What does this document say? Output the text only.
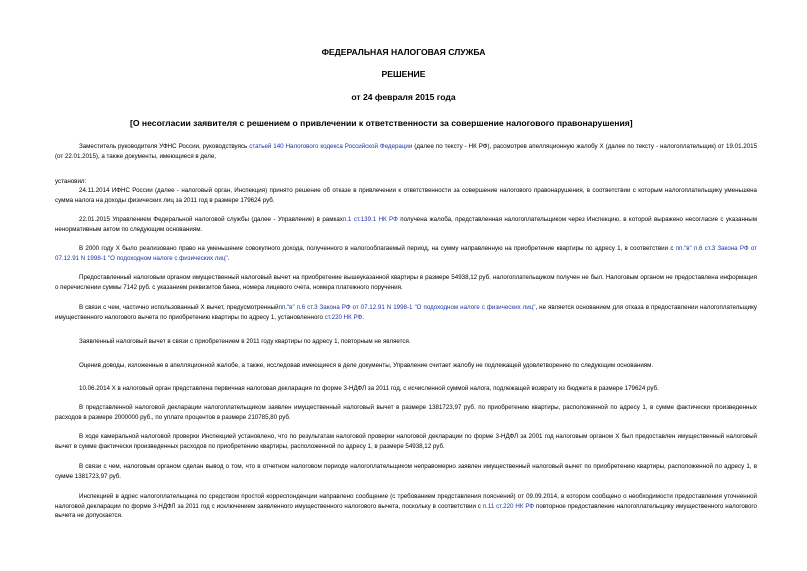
ФЕДЕРАЛЬНАЯ НАЛОГОВАЯ СЛУЖБА
РЕШЕНИЕ
от 24 февраля 2015 года
[О несогласии заявителя с решением о привлечении к ответственности за совершение налогового правонарушения]
Заместитель руководителя УФНС России, руководствуясь статьей 140 Налогового кодекса Российской Федерации (далее по тексту - НК РФ), рассмотрев апелляционную жалобу Х (далее по тексту - налогоплательщик) от 19.01.2015 (от 22.01.2015), а также документы, имеющиеся в деле,
установил:
24.11.2014 ИФНС России (далее - налоговый орган, Инспекция) принято решение об отказе в привлечении к ответственности за совершение налогового правонарушения, в соответствии с которым налогоплательщику уменьшена сумма налога на доходы физических лиц за 2011 год в размере 179624 руб.
22.01.2015 Управлением Федеральной налоговой службы (далее - Управление) в рамкахп.1 ст.139.1 НК РФ получена жалоба, представленная налогоплательщиком через Инспекцию, в которой выражено несогласие с указанным ненормативным актом по следующим основаниям.
В 2000 году Х было реализовано право на уменьшение совокупного дохода, полученного в налогооблагаемый период, на сумму направленную на приобретение квартиры по адресу 1, в соответствии с пп."в" п.6 ст.3 Закона РФ от 07.12.91 N 1998-1 "О подоходном налоге с физических лиц".
Предоставленный налоговым органом имущественный налоговый вычет на приобретение вышеуказанной квартиры в размере 54938,12 руб. налогоплательщиком получен не был. Налоговым органом не предоставлена информация о перечислении суммы 7142 руб. с указанием реквизитов банка, номера лицевого счета, номера платежного поручения.
В связи с чем, частично использованный Х вычет, предусмотренныйпп."в" п.6 ст.3 Закона РФ от 07.12.91 N 1998-1 "О подоходном налоге с физических лиц", не является основанием для отказа в предоставлении налогоплательщику имущественного налогового вычета по приобретению квартиры по адресу 1, установленного ст.220 НК РФ.
Заявленный налоговый вычет в связи с приобретением в 2011 году квартиры по адресу 1, повторным не является.
Оценив доводы, изложенные в апелляционной жалобе, а также, исследовав имеющиеся в деле документы, Управление считает жалобу не подлежащей удовлетворению по следующим основаниям.
10.06.2014 Х в налоговый орган представлена первичная налоговая декларация по форме 3-НДФЛ за 2011 год, с исчисленной суммой налога, подлежащей возврату из бюджета в размере 179624 руб.
В представленной налоговой декларации налогоплательщиком заявлен имущественный налоговый вычет в размере 1381723,97 руб. по приобретению квартиры, расположенной по адресу 1, в сумме фактически произведенных расходов в размере 2000000 руб., по уплате процентов в размере 210785,80 руб.
В ходе камеральной налоговой проверки Инспекцией установлено, что по результатам налоговой проверки налоговой декларации по форме 3-НДФЛ за 2001 год налоговым органом Х был предоставлен имущественный налоговый вычет в сумме фактически произведенных расходов по приобретению квартиры, расположенной по адресу 1, в размере 54938,12 руб.
В связи с чем, налоговым органом сделан вывод о том, что в отчетном налоговом периоде налогоплательщиком неправомерно заявлен имущественный налоговый вычет по приобретению квартиры, расположенной по адресу 1, в сумме 1381723,97 руб.
Инспекцией в адрес налогоплательщика по средством простой корреспонденции направлено сообщение (с требованием представления пояснений) от 09.09.2014, в котором сообщено о необходимости предоставления уточненной налоговой декларации по форме 3-НДФЛ за 2011 год с исключением заявленного имущественного налогового вычета, поскольку в соответствии с п.11 ст.220 НК РФ повторное предоставление налогоплательщику имущественного налогового вычета не допускается.
